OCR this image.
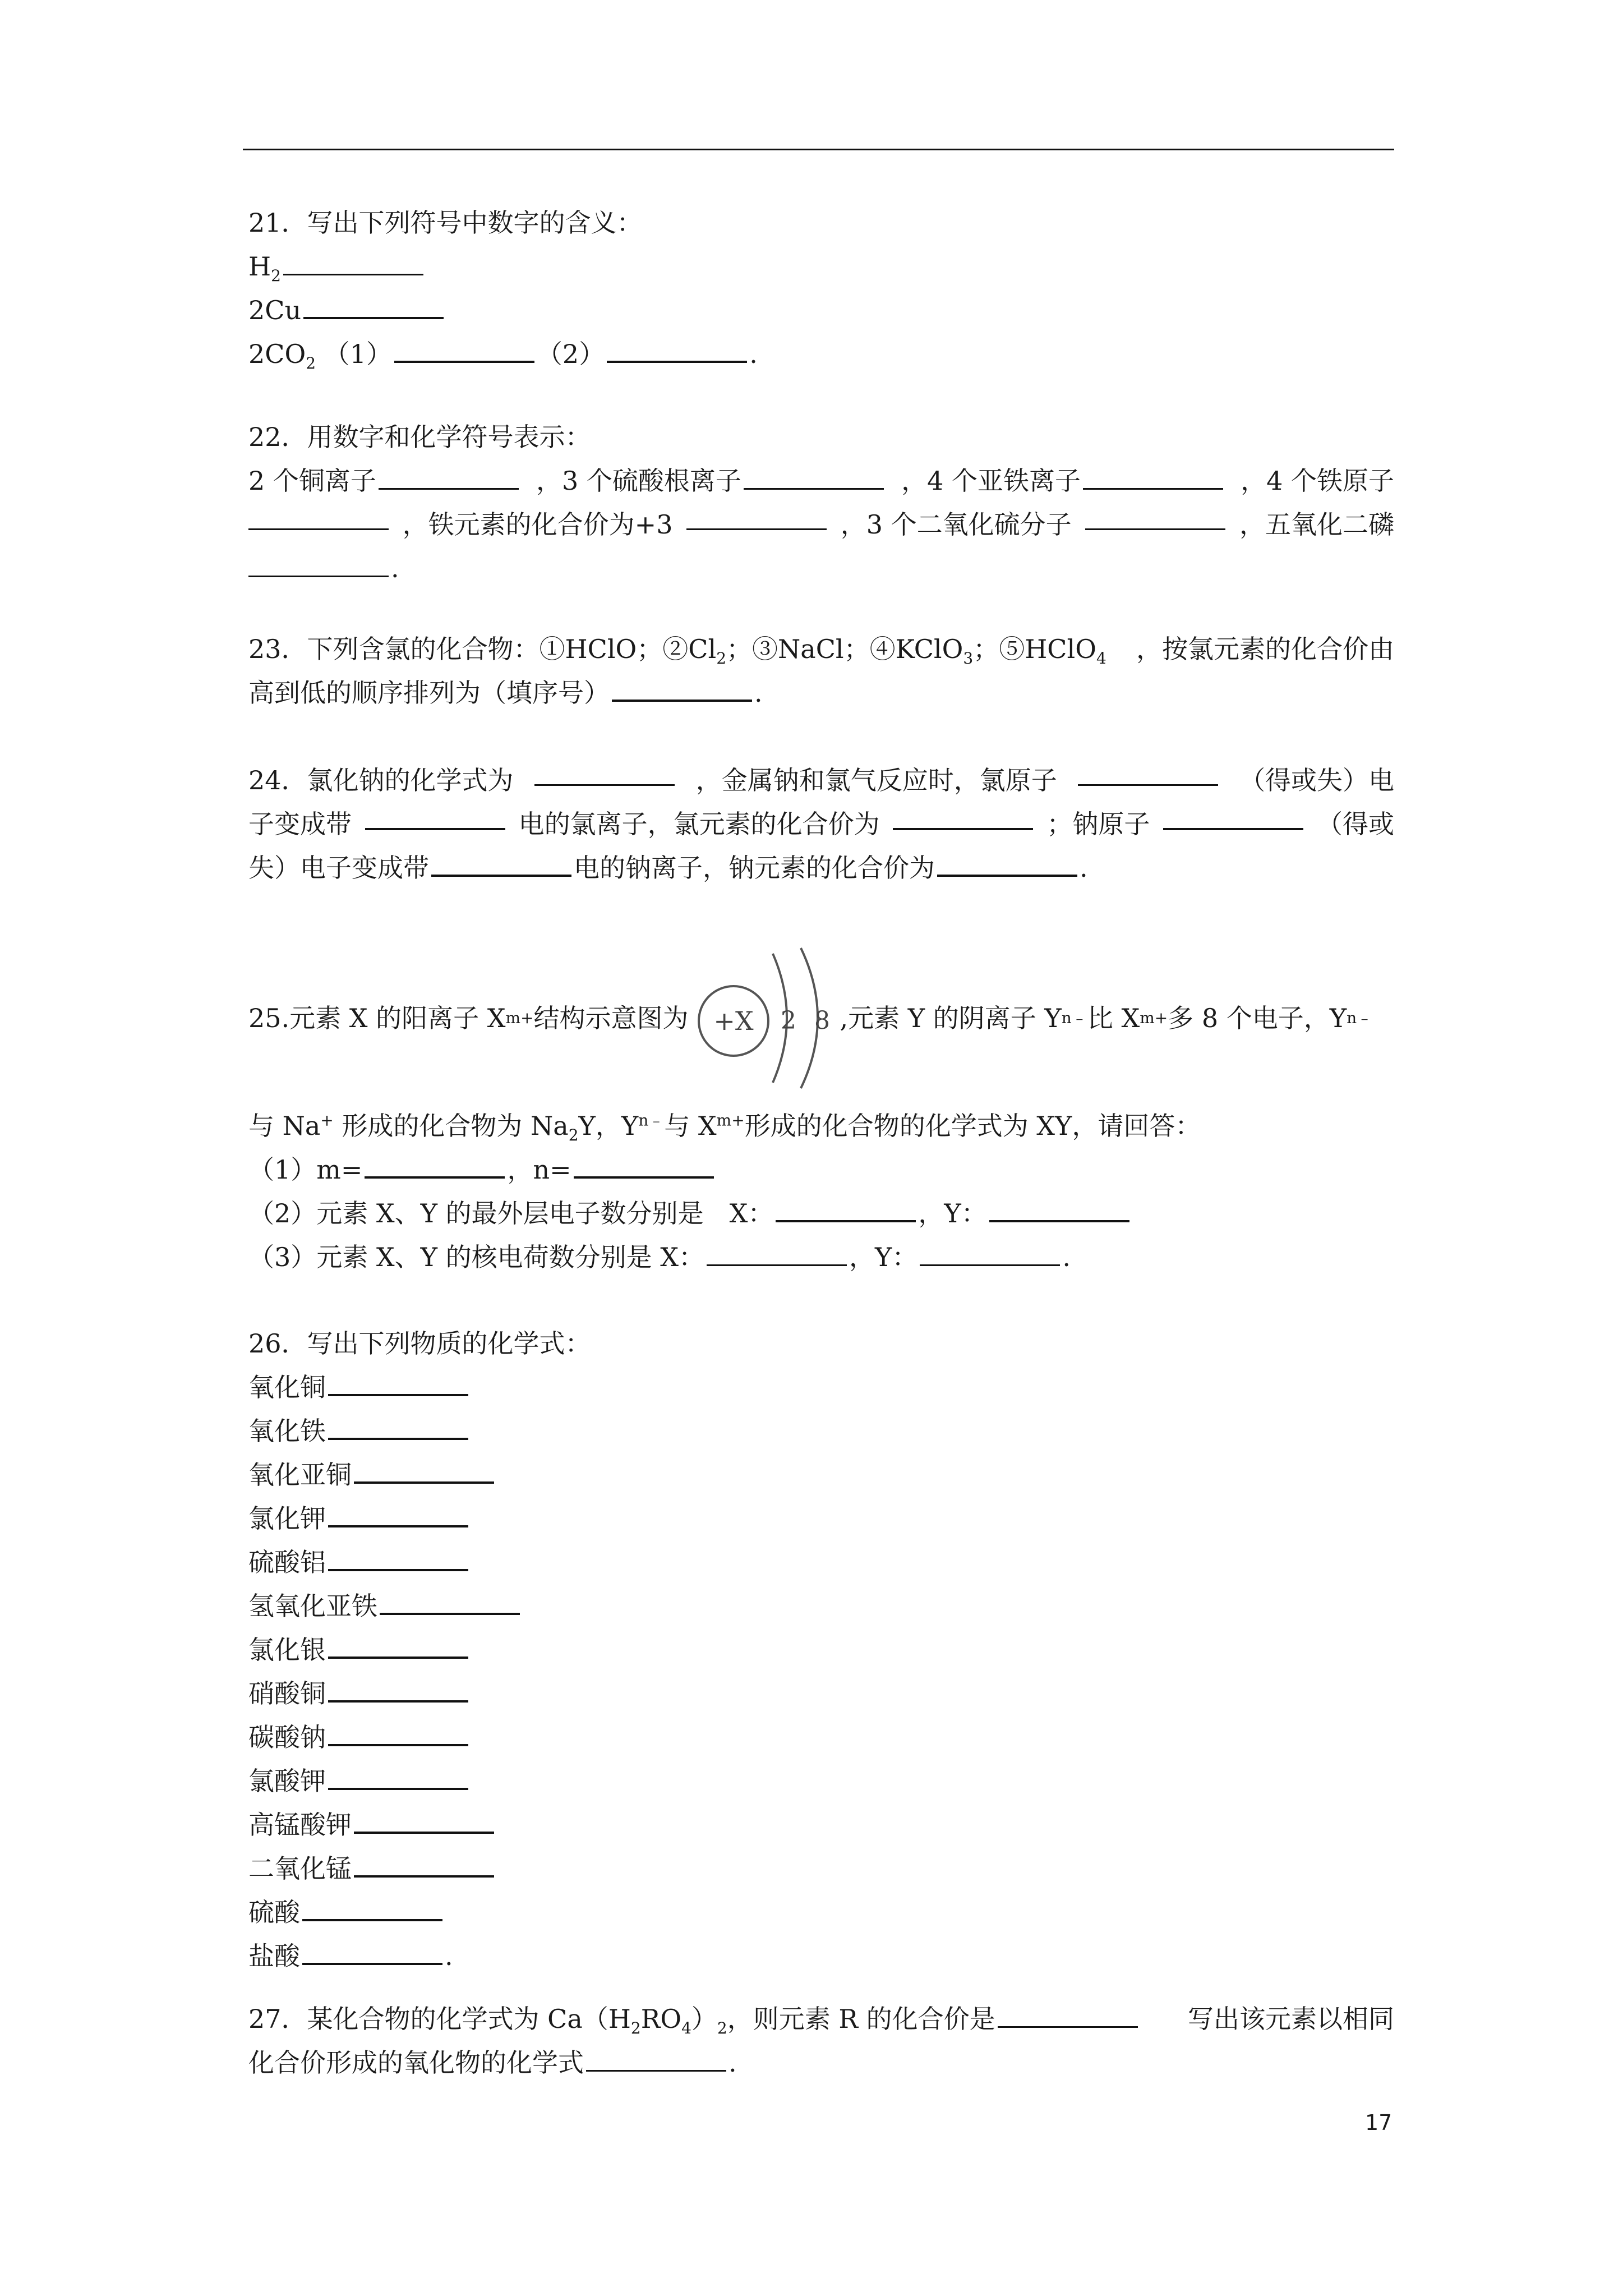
21．写出下列符号中数字的含义：
$H_2$
2Cu
$2CO_2$ （1）	（2）	.
22．用数字和化学符号表示：
2 个铜离子	，3 个硫酸根离子	，4 个亚铁离子	，4 个铁原子
，铁元素的化合价为+3	，3 个二氧化硫分子	，五氧化二磷
.
23．下列含氯的化合物：①HClO；$②Cl_2$；③NaCl；④KClO$_3$；⑤HClO$_4$ ，按氯元素的化合价由
高到低的顺序排列为（填序号）	.
24．氯化钠的化学式为	，金属钠和氯气反应时，氯原子	（得或失）电
子变成带	电的氯离子，氯元素的化合价为	；钠原子	（得或
失）电子变成带	电的钠离子，钠元素的化合价为	.
25.元素 X 的阳离子 X m+ 结构示意图为 +X 2 8 ,元素 Y 的阴离子 Y n﹣ 比 X m+ 多 8 个电子，Y n﹣
与 Na+ 形成的化合物为 $Na_2Y$，$Y^{n﹣}$与 $X^{m+}$形成的化合物的化学式为 XY，请回答：
（1）m=	，n=
（2）元素 X、Y 的最外层电子数分别是　X：	，Y：
（3）元素 X、Y 的核电荷数分别是 X：	，Y：	.
26．写出下列物质的化学式：
氧化铜
氧化铁
氧化亚铜
氯化钾
硫酸铝
氢氧化亚铁
氯化银
硝酸铜
碳酸钠
氯酸钾
高锰酸钾
二氧化锰
硫酸
盐酸	.
27．某化合物的化学式为 $Ca(H_2RO_4)_2$，则元素 R 的化合价是	写出该元素以相同
化合价形成的氧化物的化学式	.
17
